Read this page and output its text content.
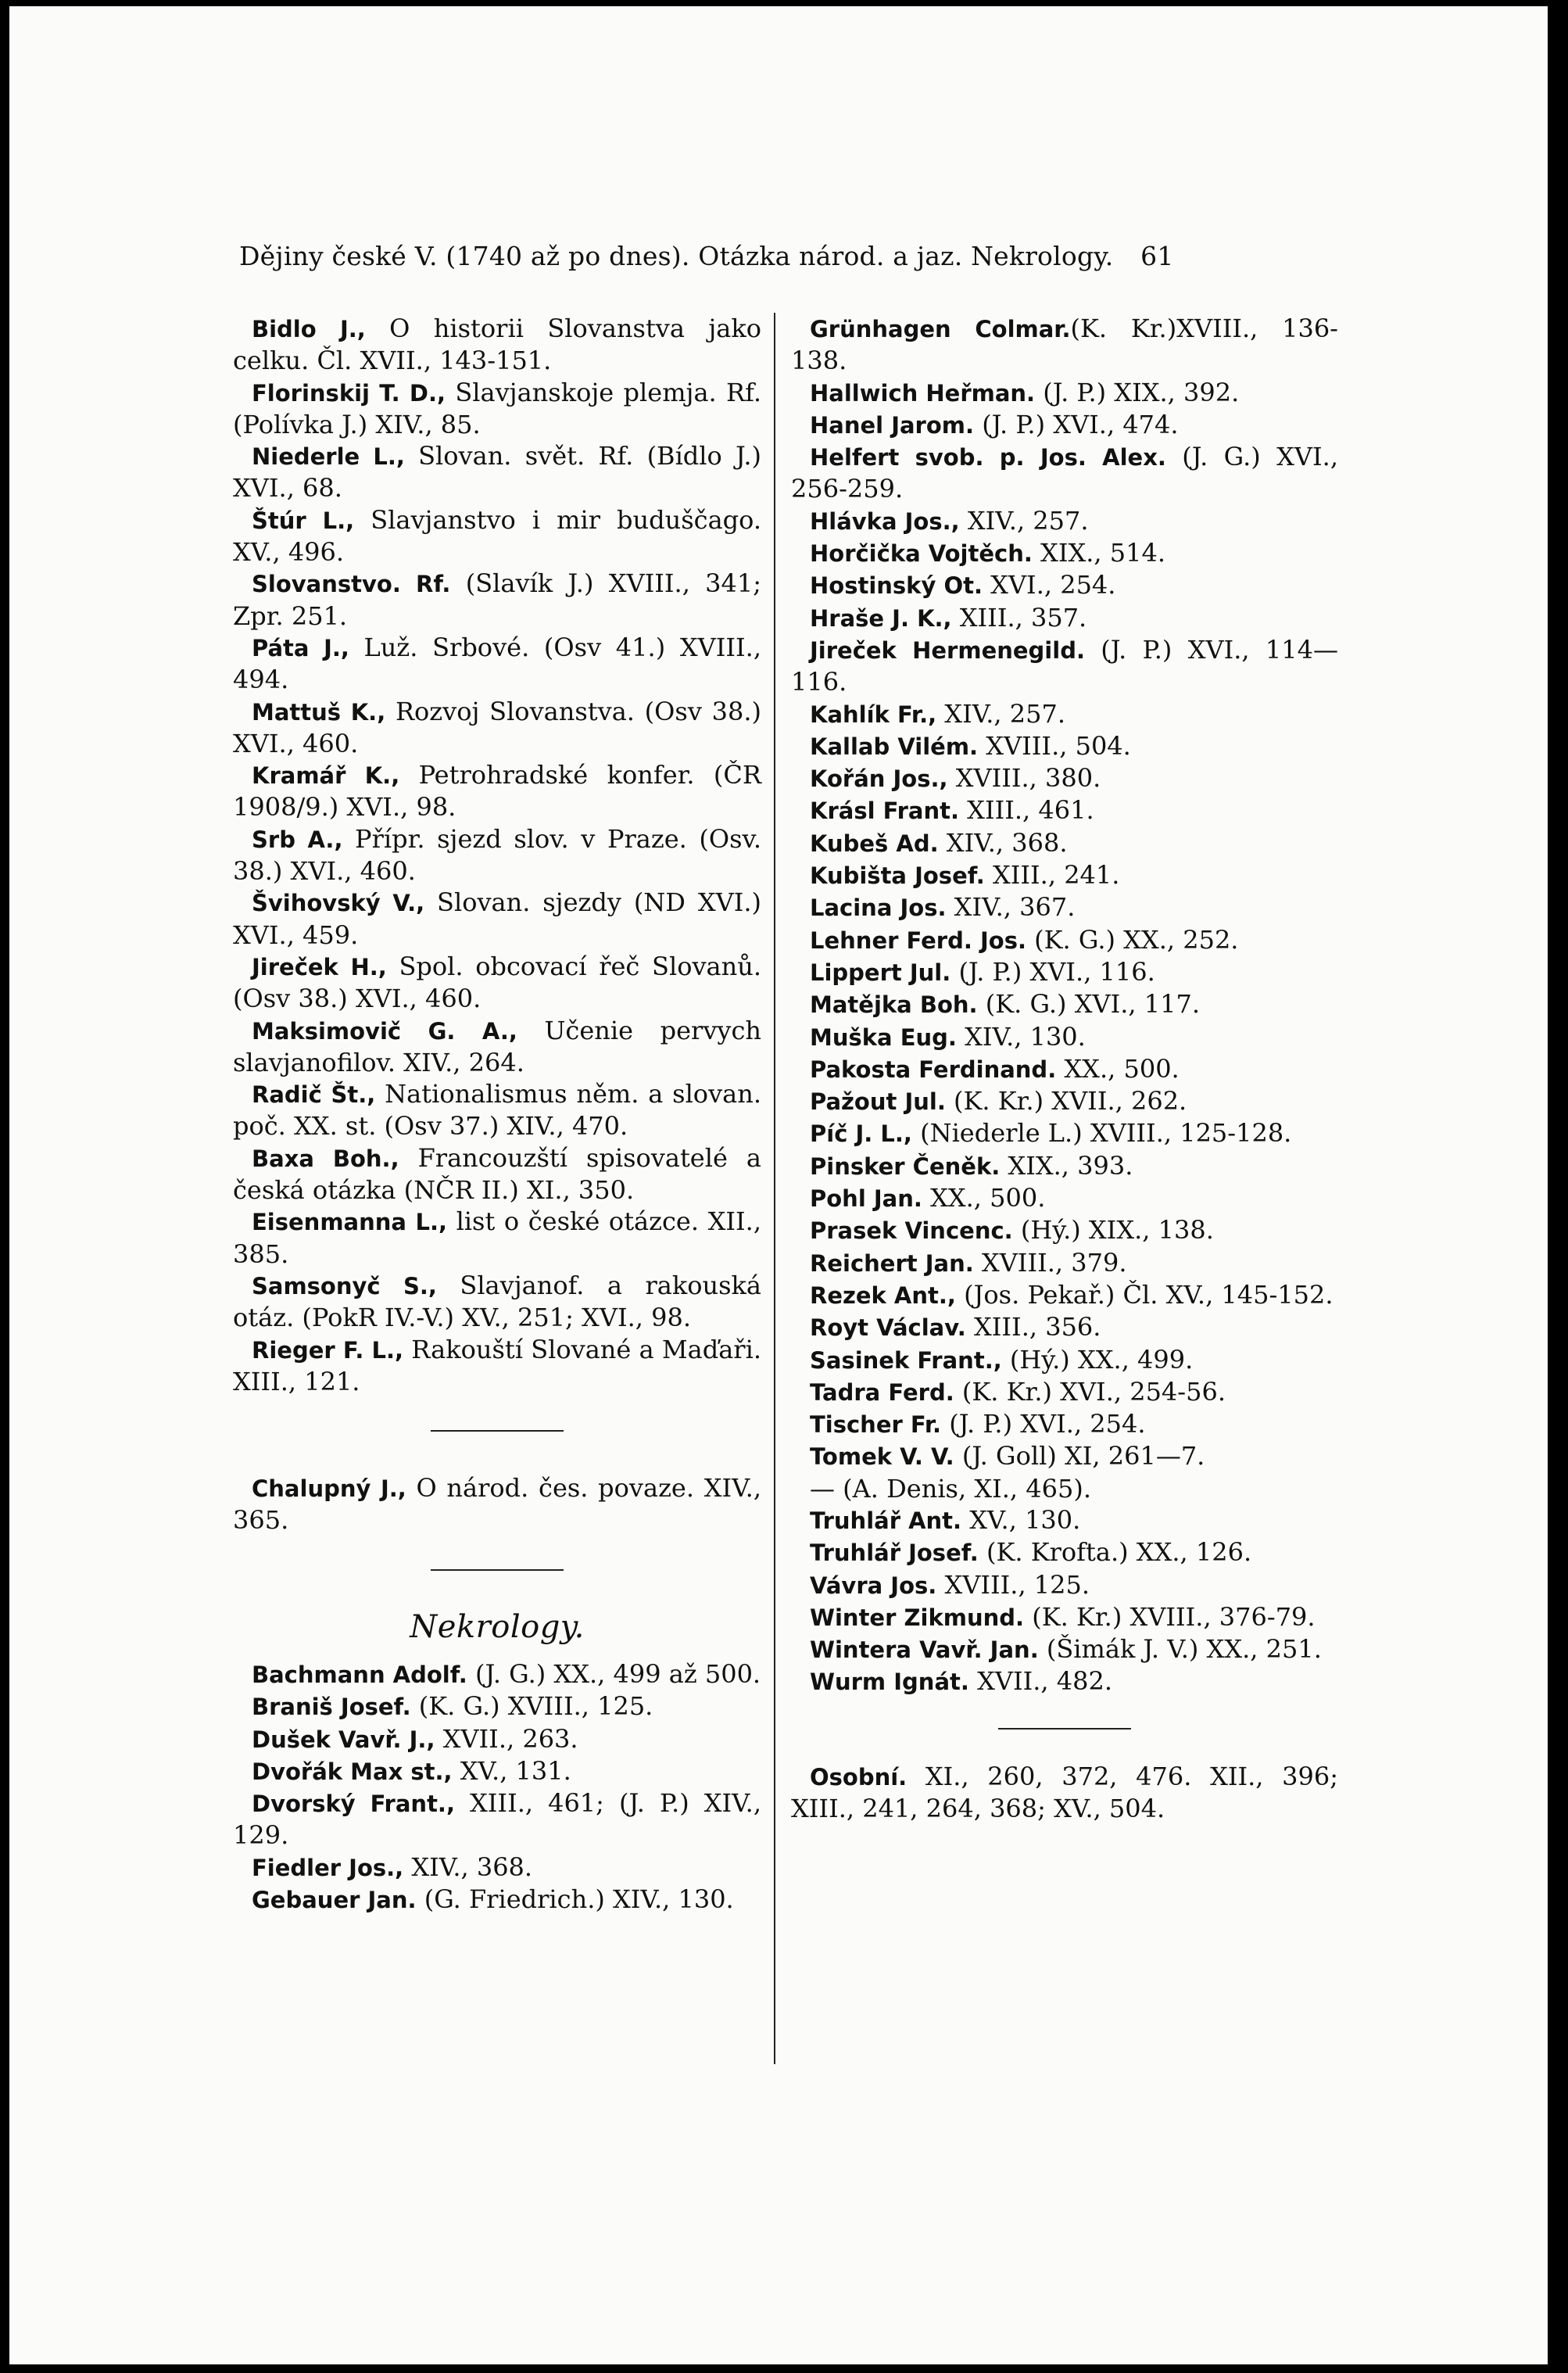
Dějiny české V. (1740 až po dnes). Otázka národ. a jaz. Nekrology. 61

Bidlo J., O historii Slovanstva jako celku. Čl. XVII., 143-151.

Florinskij T. D., Slavjanskoje plemja. Rf. (Polívka J.) XIV., 85.

Niederle L., Slovan. svět. Rf. (Bídlo J.) XVI., 68.

Štúr L., Slavjanstvo i mir buduščago. XV., 496.

Slovanstvo. Rf. (Slavík J.) XVIII., 341; Zpr. 251.

Páta J., Luž. Srbové. (Osv 41.) XVIII., 494.

Mattuš K., Rozvoj Slovanstva. (Osv 38.) XVI., 460.

Kramář K., Petrohradské konfer. (ČR 1908/9.) XVI., 98.

Srb A., Přípr. sjezd slov. v Praze. (Osv. 38.) XVI., 460.

Švihovský V., Slovan. sjezdy (ND XVI.) XVI., 459.

Jireček H., Spol. obcovací řeč Slovanů. (Osv 38.) XVI., 460.

Maksimovič G. A., Učenie pervych slavjanofilov. XIV., 264.

Radič Št., Nationalismus něm. a slovan. poč. XX. st. (Osv 37.) XIV., 470.

Baxa Boh., Francouzští spisovatelé a česká otázka (NČR II.) XI., 350.

Eisenmanna L., list o české otázce. XII., 385.

Samsonyč S., Slavjanof. a rakouská otáz. (PokR IV.-V.) XV., 251; XVI., 98.

Rieger F. L., Rakouští Slované a Maďaři. XIII., 121.

Chalupný J., O národ. čes. povaze. XIV., 365.

Nekrology.

Bachmann Adolf. (J. G.) XX., 499 až 500.

Braniš Josef. (K. G.) XVIII., 125.

Dušek Vavř. J., XVII., 263.

Dvořák Max st., XV., 131.

Dvorský Frant., XIII., 461; (J. P.) XIV., 129.

Fiedler Jos., XIV., 368.

Gebauer Jan. (G. Friedrich.) XIV., 130.

Grünhagen Colmar.(K. Kr.)XVIII., 136-138.

Hallwich Heřman. (J. P.) XIX., 392.

Hanel Jarom. (J. P.) XVI., 474.

Helfert svob. p. Jos. Alex. (J. G.) XVI., 256-259.

Hlávka Jos., XIV., 257.

Horčička Vojtěch. XIX., 514.

Hostinský Ot. XVI., 254.

Hraše J. K., XIII., 357.

Jireček Hermenegild. (J. P.) XVI., 114—116.

Kahlík Fr., XIV., 257.

Kallab Vilém. XVIII., 504.

Kořán Jos., XVIII., 380.

Krásl Frant. XIII., 461.

Kubeš Ad. XIV., 368.

Kubišta Josef. XIII., 241.

Lacina Jos. XIV., 367.

Lehner Ferd. Jos. (K. G.) XX., 252.

Lippert Jul. (J. P.) XVI., 116.

Matějka Boh. (K. G.) XVI., 117.

Muška Eug. XIV., 130.

Pakosta Ferdinand. XX., 500.

Pažout Jul. (K. Kr.) XVII., 262.

Píč J. L., (Niederle L.) XVIII., 125-128.

Pinsker Čeněk. XIX., 393.

Pohl Jan. XX., 500.

Prasek Vincenc. (Hý.) XIX., 138.

Reichert Jan. XVIII., 379.

Rezek Ant., (Jos. Pekař.) Čl. XV., 145-152.

Royt Václav. XIII., 356.

Sasinek Frant., (Hý.) XX., 499.

Tadra Ferd. (K. Kr.) XVI., 254-56.

Tischer Fr. (J. P.) XVI., 254.

Tomek V. V. (J. Goll) XI, 261—7.

— (A. Denis, XI., 465).

Truhlář Ant. XV., 130.

Truhlář Josef. (K. Krofta.) XX., 126.

Vávra Jos. XVIII., 125.

Winter Zikmund. (K. Kr.) XVIII., 376-79.

Wintera Vavř. Jan. (Šimák J. V.) XX., 251.

Wurm Ignát. XVII., 482.

Osobní. XI., 260, 372, 476. XII., 396; XIII., 241, 264, 368; XV., 504.
